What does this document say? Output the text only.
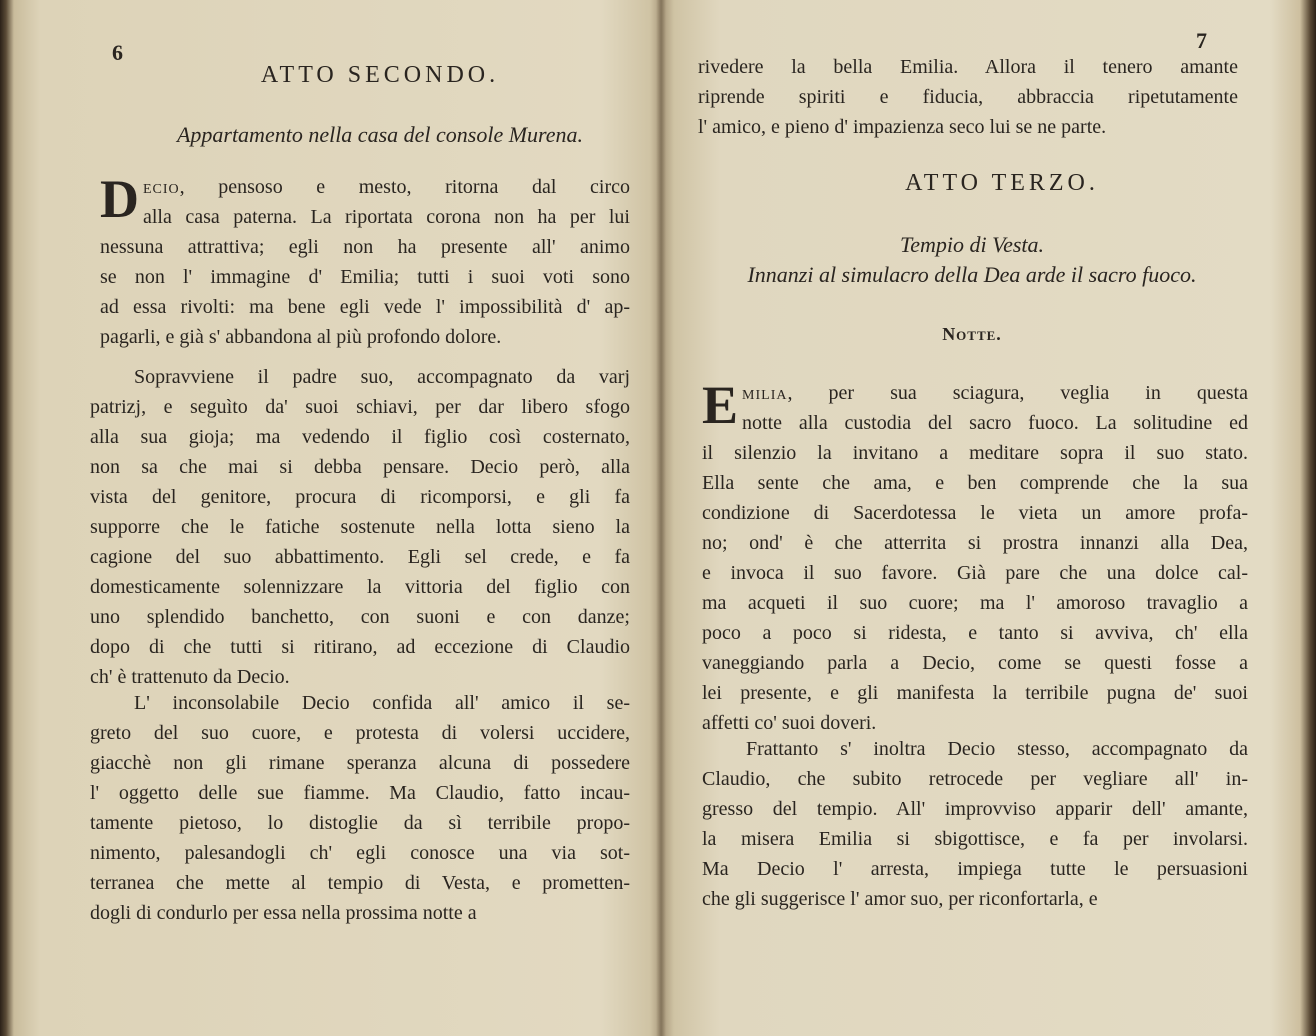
6
ATTO SECONDO.
Appartamento nella casa del console Murena.
Decio, pensoso e mesto, ritorna dal circo
alla casa paterna. La riportata corona non ha per lui
nessuna attrattiva; egli non ha presente all' animo
se non l' immagine d' Emilia; tutti i suoi voti sono
ad essa rivolti: ma bene egli vede l' impossibilità d' ap-
pagarli, e già s' abbandona al più profondo dolore.
Sopravviene il padre suo, accompagnato da varj
patrizj, e seguìto da' suoi schiavi, per dar libero sfogo
alla sua gioja; ma vedendo il figlio così costernato,
non sa che mai si debba pensare. Decio però, alla
vista del genitore, procura di ricomporsi, e gli fa
supporre che le fatiche sostenute nella lotta sieno la
cagione del suo abbattimento. Egli sel crede, e fa
domesticamente solennizzare la vittoria del figlio con
uno splendido banchetto, con suoni e con danze;
dopo di che tutti si ritirano, ad eccezione di Claudio
ch' è trattenuto da Decio.
L' inconsolabile Decio confida all' amico il se-
greto del suo cuore, e protesta di volersi uccidere,
giacchè non gli rimane speranza alcuna di possedere
l' oggetto delle sue fiamme. Ma Claudio, fatto incau-
tamente pietoso, lo distoglie da sì terribile propo-
nimento, palesandogli ch' egli conosce una via sot-
terranea che mette al tempio di Vesta, e prometten-
dogli di condurlo per essa nella prossima notte a
7
rivedere la bella Emilia. Allora il tenero amante
riprende spiriti e fiducia, abbraccia ripetutamente
l' amico, e pieno d' impazienza seco lui se ne parte.
ATTO TERZO.
Tempio di Vesta.
Innanzi al simulacro della Dea arde il sacro fuoco.
Notte.
Emilia, per sua sciagura, veglia in questa
notte alla custodia del sacro fuoco. La solitudine ed
il silenzio la invitano a meditare sopra il suo stato.
Ella sente che ama, e ben comprende che la sua
condizione di Sacerdotessa le vieta un amore profa-
no; ond' è che atterrita si prostra innanzi alla Dea,
e invoca il suo favore. Già pare che una dolce cal-
ma acqueti il suo cuore; ma l' amoroso travaglio a
poco a poco si ridesta, e tanto si avviva, ch' ella
vaneggiando parla a Decio, come se questi fosse a
lei presente, e gli manifesta la terribile pugna de' suoi
affetti co' suoi doveri.
Frattanto s' inoltra Decio stesso, accompagnato da
Claudio, che subito retrocede per vegliare all' in-
gresso del tempio. All' improvviso apparir dell' amante,
la misera Emilia si sbigottisce, e fa per involarsi.
Ma Decio l' arresta, impiega tutte le persuasioni
che gli suggerisce l' amor suo, per riconfortarla, e
